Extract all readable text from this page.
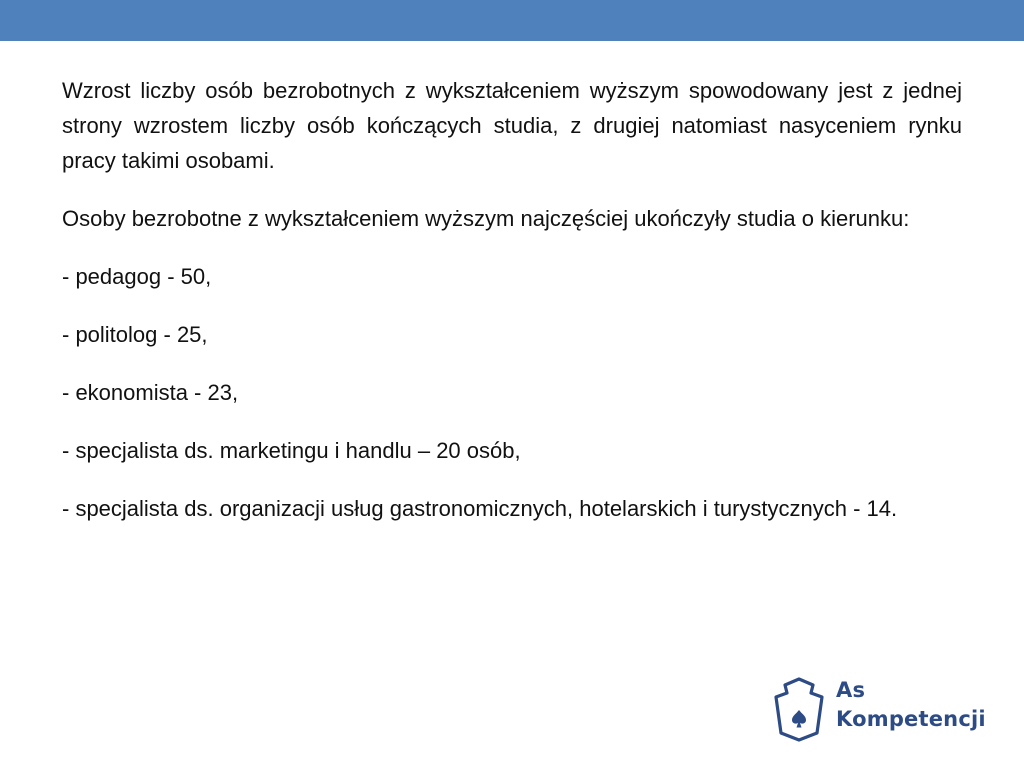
Wzrost liczby osób bezrobotnych z wykształceniem wyższym spowodowany jest z jednej strony wzrostem liczby osób kończących studia, z drugiej natomiast nasyceniem rynku pracy takimi osobami.

Osoby bezrobotne z wykształceniem wyższym najczęściej ukończyły studia o kierunku:

- pedagog - 50,

- politolog - 25,

- ekonomista - 23,

- specjalista ds. marketingu i handlu – 20 osób,

- specjalista ds. organizacji usług gastronomicznych, hotelarskich i turystycznych - 14.

As
Kompetencji
